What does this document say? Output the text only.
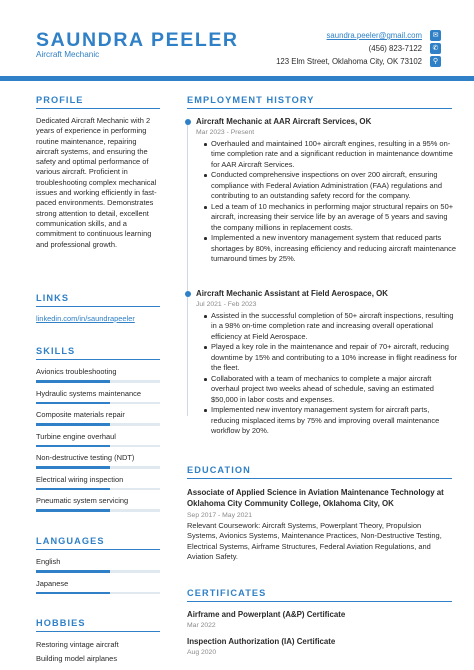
SAUNDRA PEELER
Aircraft Mechanic
saundra.peeler@gmail.com	✉
(456) 823-7122	✆
123 Elm Street, Oklahoma City, OK 73102	⚲
PROFILE
Dedicated Aircraft Mechanic with 2 years of experience in performing routine maintenance, repairing aircraft systems, and ensuring the safety and optimal performance of various aircraft. Proficient in troubleshooting complex mechanical issues and working efficiently in fast-paced environments. Demonstrates strong attention to detail, excellent communication skills, and a commitment to continuous learning and professional growth.
LINKS
linkedin.com/in/saundrapeeler
SKILLS
Avionics troubleshooting
Hydraulic systems maintenance
Composite materials repair
Turbine engine overhaul
Non-destructive testing (NDT)
Electrical wiring inspection
Pneumatic system servicing
LANGUAGES
English
Japanese
HOBBIES
Restoring vintage aircraft
Building model airplanes
EMPLOYMENT HISTORY
Aircraft Mechanic at AAR Aircraft Services, OK
Mar 2023 - Present
Overhauled and maintained 100+ aircraft engines, resulting in a 95% on-time completion rate and a significant reduction in maintenance downtime for AAR Aircraft Services.
Conducted comprehensive inspections on over 200 aircraft, ensuring compliance with Federal Aviation Administration (FAA) regulations and contributing to an outstanding safety record for the company.
Led a team of 10 mechanics in performing major structural repairs on 50+ aircraft, increasing their service life by an average of 5 years and saving the company millions in replacement costs.
Implemented a new inventory management system that reduced parts shortages by 80%, increasing efficiency and reducing aircraft maintenance turnaround times by 25%.
Aircraft Mechanic Assistant at Field Aerospace, OK
Jul 2021 - Feb 2023
Assisted in the successful completion of 50+ aircraft inspections, resulting in a 98% on-time completion rate and increasing overall operational efficiency at Field Aerospace.
Played a key role in the maintenance and repair of 70+ aircraft, reducing downtime by 15% and contributing to a 10% increase in flight readiness for the fleet.
Collaborated with a team of mechanics to complete a major aircraft overhaul project two weeks ahead of schedule, saving an estimated $50,000 in labor costs and expenses.
Implemented new inventory management system for aircraft parts, reducing misplaced items by 75% and improving overall maintenance workflow by 20%.
EDUCATION
Associate of Applied Science in Aviation Maintenance Technology at Oklahoma City Community College, Oklahoma City, OK
Sep 2017 - May 2021
Relevant Coursework: Aircraft Systems, Powerplant Theory, Propulsion Systems, Avionics Systems, Maintenance Practices, Non-Destructive Testing, Electrical Systems, Airframe Structures, Federal Aviation Regulations, and Aviation Safety.
CERTIFICATES
Airframe and Powerplant (A&P) Certificate
Mar 2022
Inspection Authorization (IA) Certificate
Aug 2020
